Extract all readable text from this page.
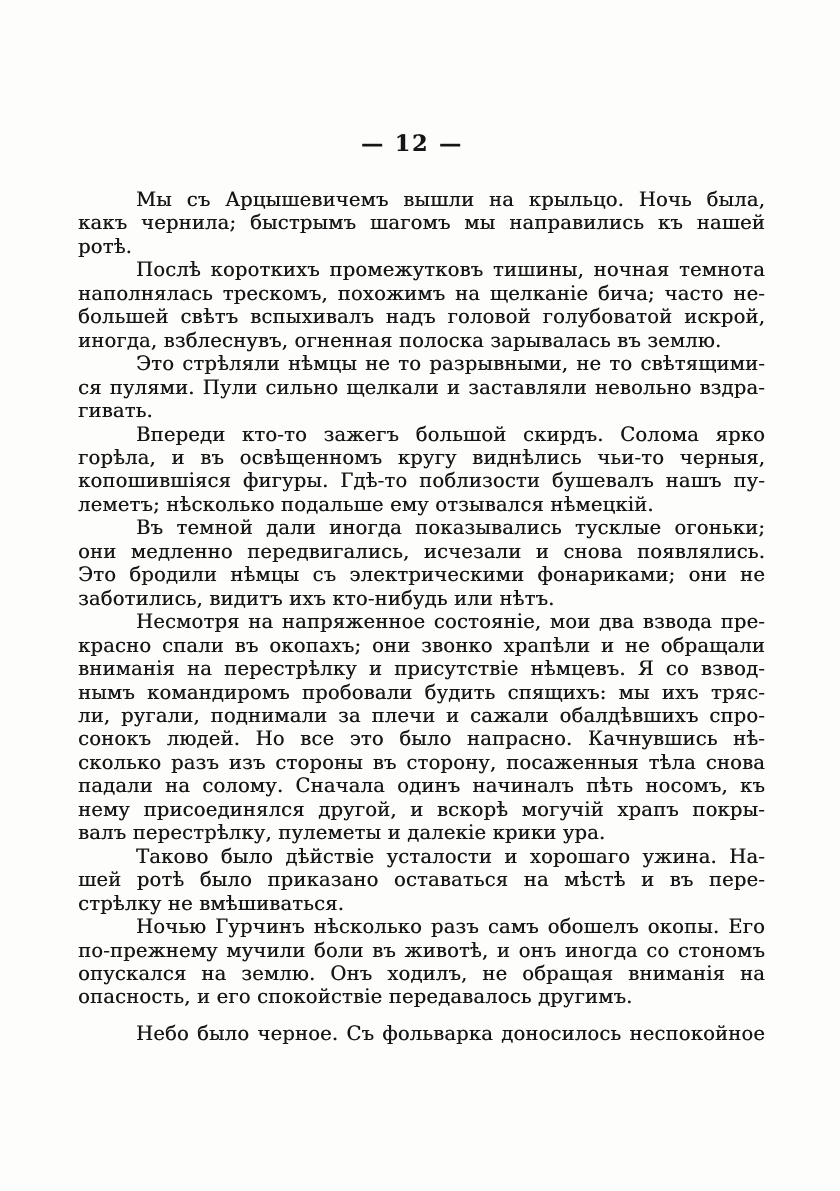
— 12 —
Мы съ Арцышевичемъ вышли на крыльцо. Ночь была,
какъ чернила; быстрымъ шагомъ мы направились къ нашей
ротѣ.
Послѣ короткихъ промежутковъ тишины, ночная темнота
наполнялась трескомъ, похожимъ на щелканіе бича; часто не-
большей свѣтъ вспыхивалъ надъ головой голубоватой искрой,
иногда, взблеснувъ, огненная полоска зарывалась въ землю.
Это стрѣляли нѣмцы не то разрывными, не то свѣтящими-
ся пулями. Пули сильно щелкали и заставляли невольно вздра-
гивать.
Впереди кто-то зажегъ большой скирдъ. Солома ярко
горѣла, и въ освѣщенномъ кругу виднѣлись чьи-то черныя,
копошившіяся фигуры. Гдѣ-то поблизости бушевалъ нашъ пу-
леметъ; нѣсколько подальше ему отзывался нѣмецкій.
Въ темной дали иногда показывались тусклые огоньки;
они медленно передвигались, исчезали и снова появлялись.
Это бродили нѣмцы съ электрическими фонариками; они не
заботились, видитъ ихъ кто-нибудь или нѣтъ.
Несмотря на напряженное состояніе, мои два взвода пре-
красно спали въ окопахъ; они звонко храпѣли и не обращали
вниманія на перестрѣлку и присутствіе нѣмцевъ. Я со взвод-
нымъ командиромъ пробовали будить спящихъ: мы ихъ тряс-
ли, ругали, поднимали за плечи и сажали обалдѣвшихъ спро-
сонокъ людей. Но все это было напрасно. Качнувшись нѣ-
сколько разъ изъ стороны въ сторону, посаженныя тѣла снова
падали на солому. Сначала одинъ начиналъ пѣть носомъ, къ
нему присоединялся другой, и вскорѣ могучій храпъ покры-
валъ перестрѣлку, пулеметы и далекіе крики ура.
Таково было дѣйствіе усталости и хорошаго ужина. На-
шей ротѣ было приказано оставаться на мѣстѣ и въ пере-
стрѣлку не вмѣшиваться.
Ночью Гурчинъ нѣсколько разъ самъ обошелъ окопы. Его
по-прежнему мучили боли въ животѣ, и онъ иногда со стономъ
опускался на землю. Онъ ходилъ, не обращая вниманія на
опасность, и его спокойствіе передавалось другимъ.
Небо было черное. Съ фольварка доносилось неспокойное
